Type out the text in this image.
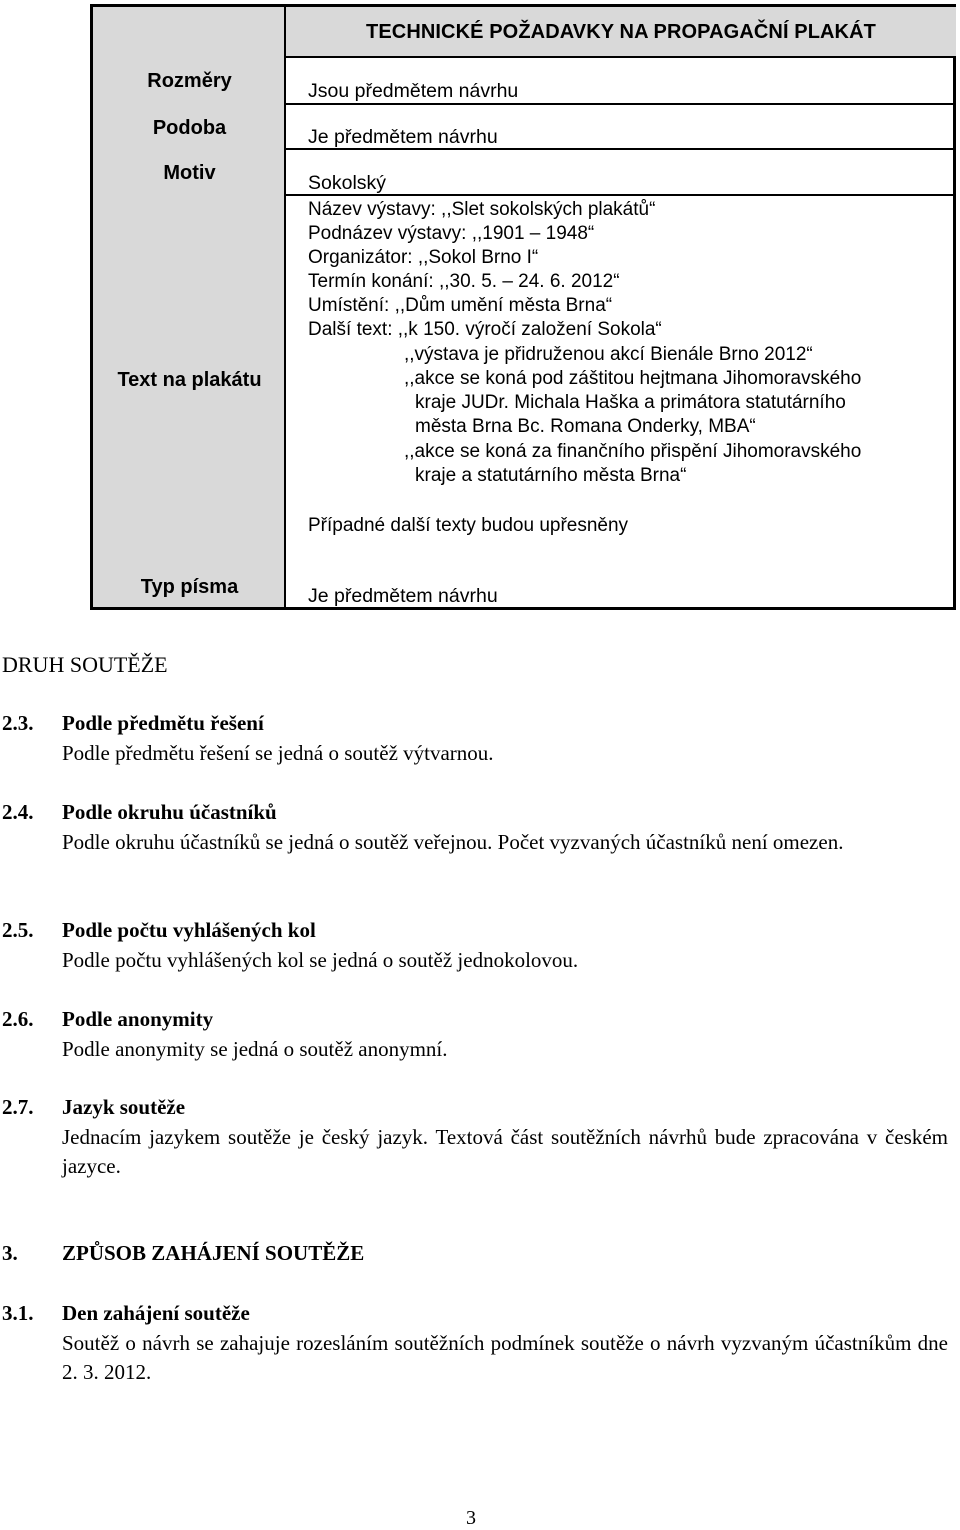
TECHNICKÉ POŽADAVKY NA PROPAGAČNÍ PLAKÁT
Rozměry
Podoba
Motiv
Text na plakátu
Typ písma
Jsou předmětem návrhu
Je předmětem návrhu
Sokolský
Název výstavy: ,,Slet sokolských plakátů“
Podnázev výstavy: ,,1901 – 1948“
Organizátor: ,,Sokol Brno I“
Termín konání: ,,30. 5. – 24. 6. 2012“
Umístění: ,,Dům umění města Brna“
Další text: ,,k 150. výročí založení Sokola“
,,výstava je přidruženou akcí Bienále Brno 2012“
,,akce se koná pod záštitou hejtmana Jihomoravského
kraje JUDr. Michala Haška a primátora statutárního
města Brna Bc. Romana Onderky, MBA“
,,akce se koná za finančního přispění Jihomoravského
kraje a statutárního města Brna“
Případné další texty budou upřesněny
Je předmětem návrhu
DRUH SOUTĚŽE
2.3. Podle předmětu řešení
Podle předmětu řešení se jedná o soutěž výtvarnou.
2.4. Podle okruhu účastníků
Podle okruhu účastníků se jedná o soutěž veřejnou. Počet vyzvaných účastníků není omezen.
2.5. Podle počtu vyhlášených kol
Podle počtu vyhlášených kol se jedná o soutěž jednokolovou.
2.6. Podle anonymity
Podle anonymity se jedná o soutěž anonymní.
2.7. Jazyk soutěže
Jednacím jazykem soutěže je český jazyk. Textová část soutěžních návrhů bude zpracována v českém jazyce.
3. ZPŮSOB ZAHÁJENÍ SOUTĚŽE
3.1. Den zahájení soutěže
Soutěž o návrh se zahajuje rozesláním soutěžních podmínek soutěže o návrh vyzvaným účastníkům dne 2. 3. 2012.
3
